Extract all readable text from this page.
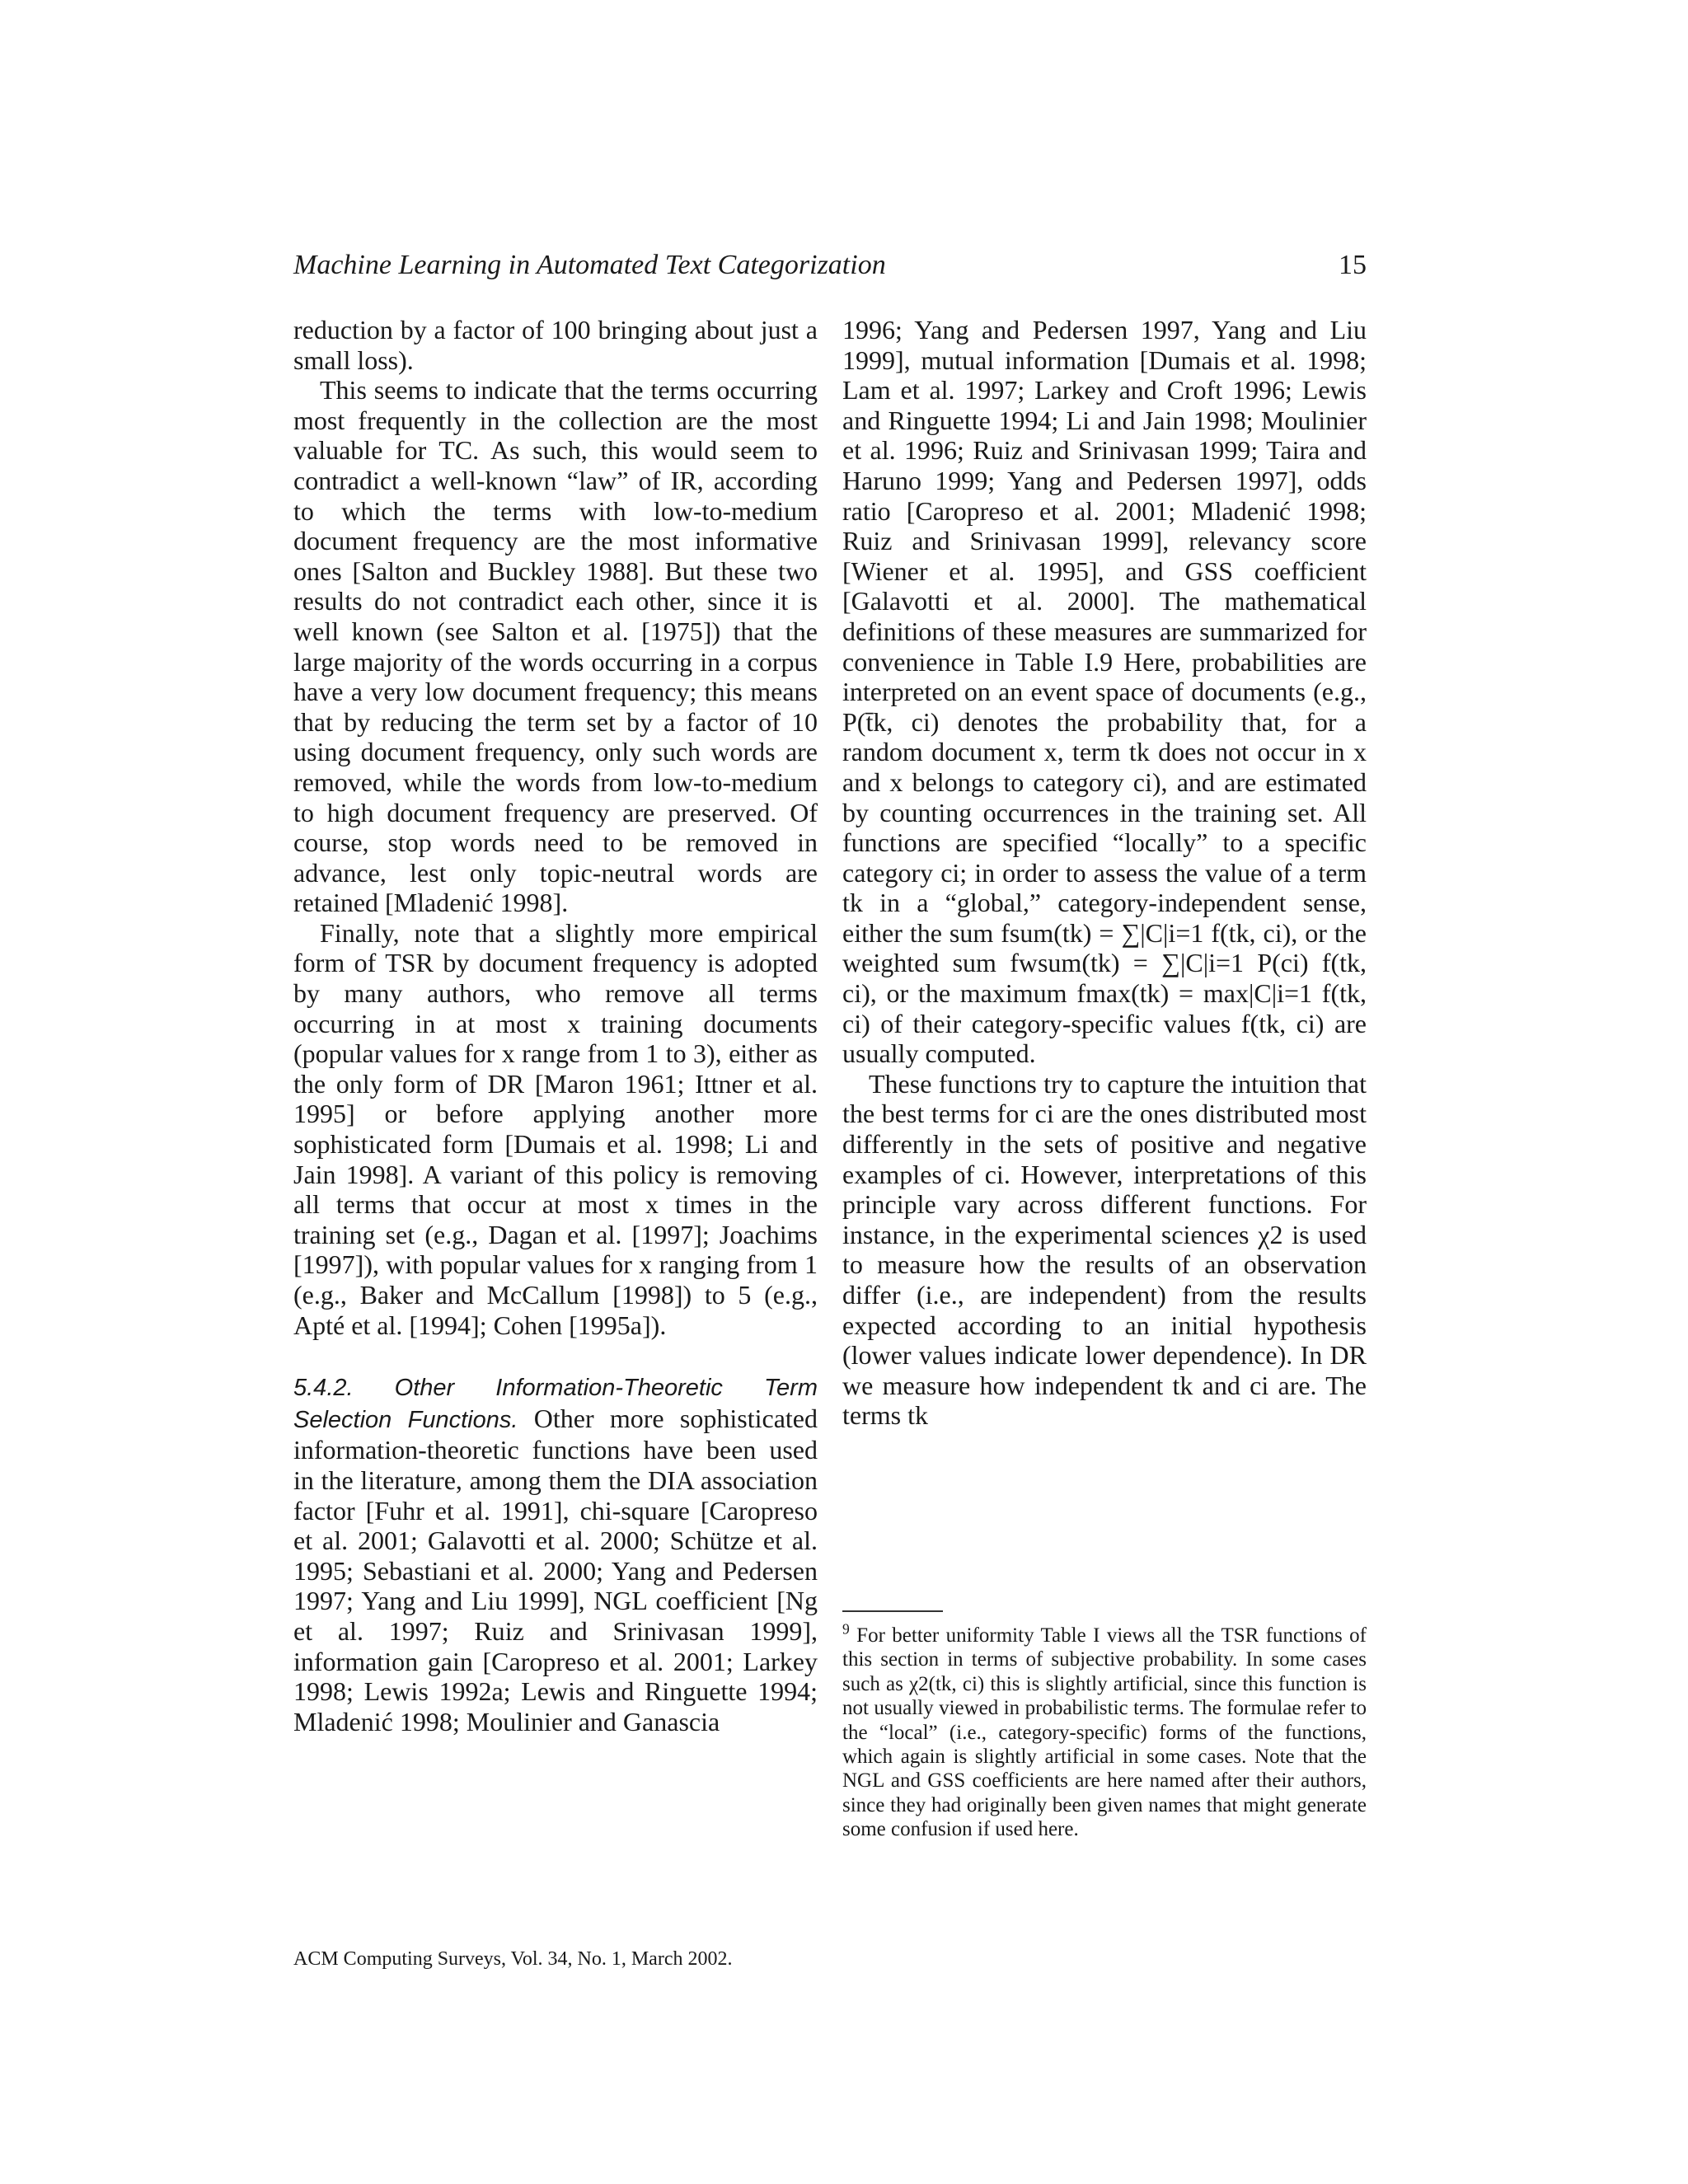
Machine Learning in Automated Text Categorization	15

reduction by a factor of 100 bringing about just a small loss).

This seems to indicate that the terms occurring most frequently in the collection are the most valuable for TC. As such, this would seem to contradict a well-known “law” of IR, according to which the terms with low-to-medium document frequency are the most informative ones [Salton and Buckley 1988]. But these two results do not contradict each other, since it is well known (see Salton et al. [1975]) that the large majority of the words occurring in a corpus have a very low document frequency; this means that by reducing the term set by a factor of 10 using document frequency, only such words are removed, while the words from low-to-medium to high document frequency are preserved. Of course, stop words need to be removed in advance, lest only topic-neutral words are retained [Mladenić 1998].

Finally, note that a slightly more empirical form of TSR by document frequency is adopted by many authors, who remove all terms occurring in at most x training documents (popular values for x range from 1 to 3), either as the only form of DR [Maron 1961; Ittner et al. 1995] or before applying another more sophisticated form [Dumais et al. 1998; Li and Jain 1998]. A variant of this policy is removing all terms that occur at most x times in the training set (e.g., Dagan et al. [1997]; Joachims [1997]), with popular values for x ranging from 1 (e.g., Baker and McCallum [1998]) to 5 (e.g., Apté et al. [1994]; Cohen [1995a]).

5.4.2. Other Information-Theoretic Term Selection Functions. Other more sophisticated information-theoretic functions have been used in the literature, among them the DIA association factor [Fuhr et al. 1991], chi-square [Caropreso et al. 2001; Galavotti et al. 2000; Schütze et al. 1995; Sebastiani et al. 2000; Yang and Pedersen 1997; Yang and Liu 1999], NGL coefficient [Ng et al. 1997; Ruiz and Srinivasan 1999], information gain [Caropreso et al. 2001; Larkey 1998; Lewis 1992a; Lewis and Ringuette 1994; Mladenić 1998; Moulinier and Ganascia

1996; Yang and Pedersen 1997, Yang and Liu 1999], mutual information [Dumais et al. 1998; Lam et al. 1997; Larkey and Croft 1996; Lewis and Ringuette 1994; Li and Jain 1998; Moulinier et al. 1996; Ruiz and Srinivasan 1999; Taira and Haruno 1999; Yang and Pedersen 1997], odds ratio [Caropreso et al. 2001; Mladenić 1998; Ruiz and Srinivasan 1999], relevancy score [Wiener et al. 1995], and GSS coefficient [Galavotti et al. 2000]. The mathematical definitions of these measures are summarized for convenience in Table I.9 Here, probabilities are interpreted on an event space of documents (e.g., P(t̄k, ci) denotes the probability that, for a random document x, term tk does not occur in x and x belongs to category ci), and are estimated by counting occurrences in the training set. All functions are specified “locally” to a specific category ci; in order to assess the value of a term tk in a “global,” category-independent sense, either the sum fsum(tk) = ∑|C|i=1 f(tk, ci), or the weighted sum fwsum(tk) = ∑|C|i=1 P(ci) f(tk, ci), or the maximum fmax(tk) = max|C|i=1 f(tk, ci) of their category-specific values f(tk, ci) are usually computed.

These functions try to capture the intuition that the best terms for ci are the ones distributed most differently in the sets of positive and negative examples of ci. However, interpretations of this principle vary across different functions. For instance, in the experimental sciences χ2 is used to measure how the results of an observation differ (i.e., are independent) from the results expected according to an initial hypothesis (lower values indicate lower dependence). In DR we measure how independent tk and ci are. The terms tk

$^9$ For better uniformity Table I views all the TSR functions of this section in terms of subjective probability. In some cases such as χ2(tk, ci) this is slightly artificial, since this function is not usually viewed in probabilistic terms. The formulae refer to the “local” (i.e., category-specific) forms of the functions, which again is slightly artificial in some cases. Note that the NGL and GSS coefficients are here named after their authors, since they had originally been given names that might generate some confusion if used here.
ACM Computing Surveys, Vol. 34, No. 1, March 2002.
